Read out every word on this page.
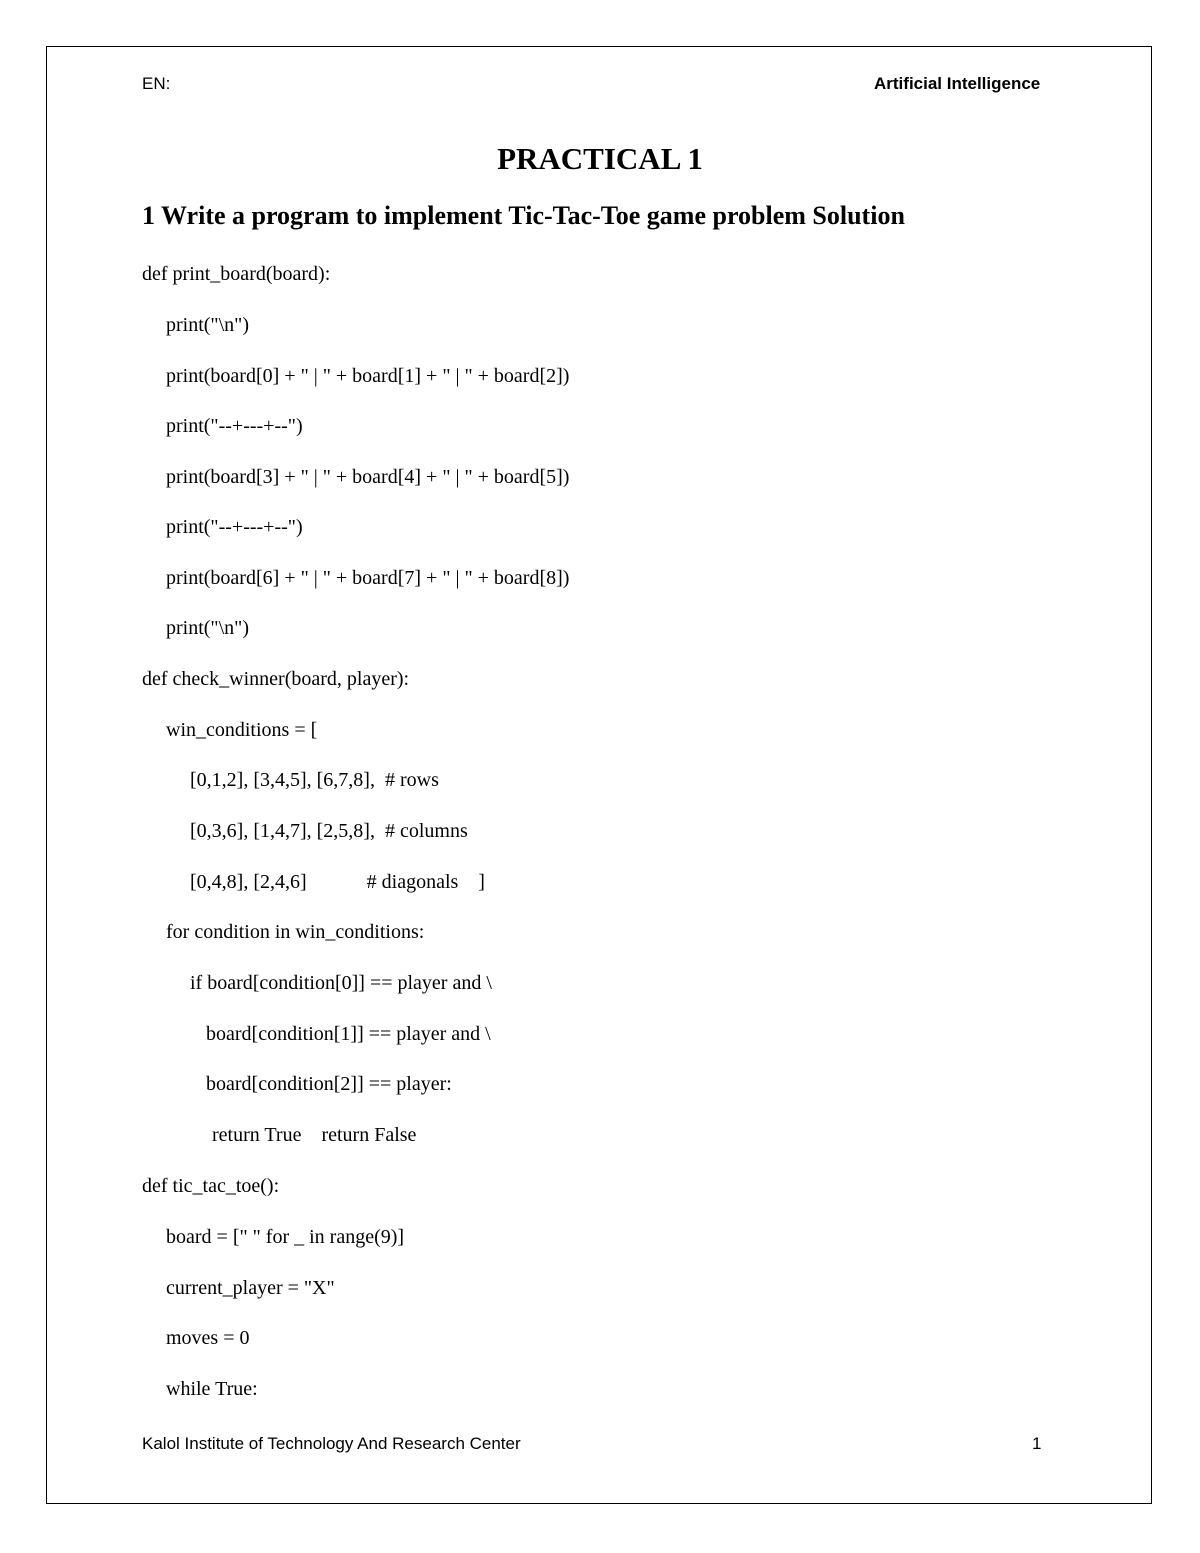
EN:	Artificial Intelligence
PRACTICAL 1
1 Write a program to implement Tic-Tac-Toe game problem Solution
def print_board(board):
print("\n")
print(board[0] + " | " + board[1] + " | " + board[2])
print("--+---+--")
print(board[3] + " | " + board[4] + " | " + board[5])
print("--+---+--")
print(board[6] + " | " + board[7] + " | " + board[8])
print("\n")
def check_winner(board, player):
win_conditions = [
[0,1,2], [3,4,5], [6,7,8],  # rows
[0,3,6], [1,4,7], [2,5,8],  # columns
[0,4,8], [2,4,6]            # diagonals    ]
for condition in win_conditions:
if board[condition[0]] == player and \
board[condition[1]] == player and \
board[condition[2]] == player:
return True    return False
def tic_tac_toe():
board = [" " for _ in range(9)]
current_player = "X"
moves = 0
while True:
Kalol Institute of Technology And Research Center	1
